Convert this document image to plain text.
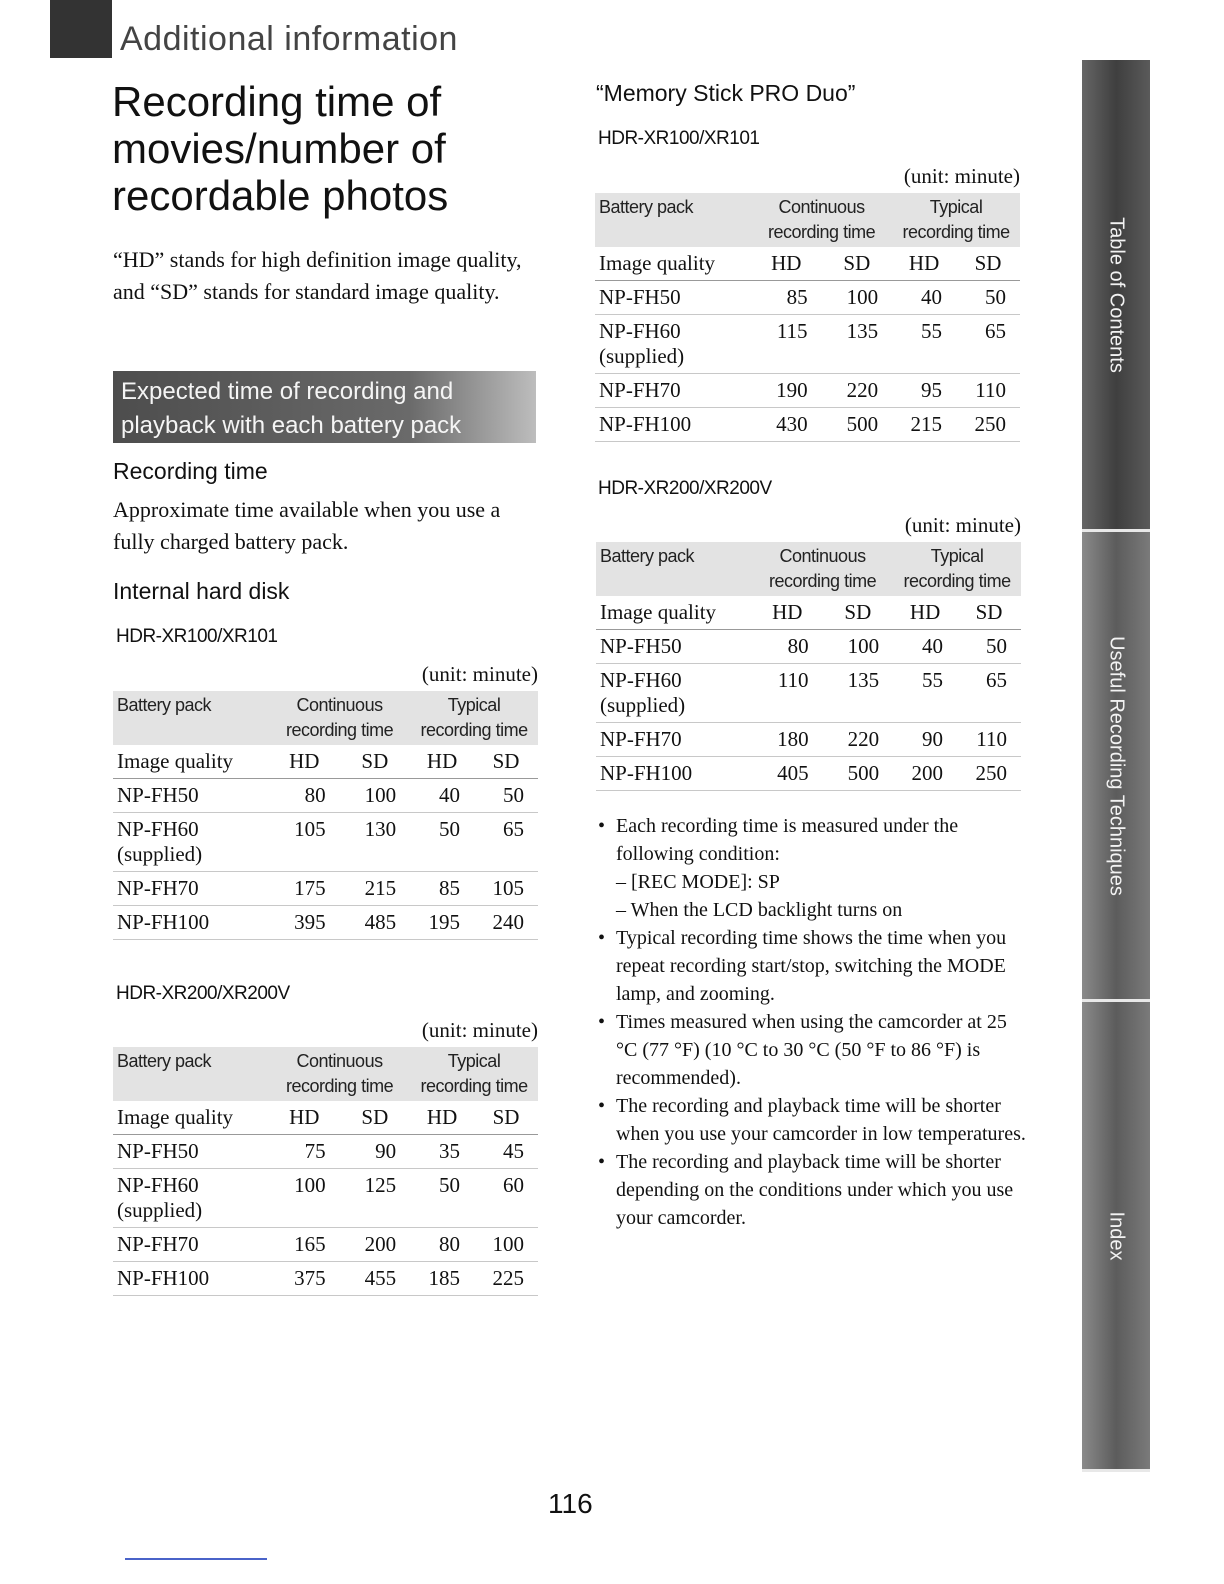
Additional information
Recording time of movies/number of recordable photos

“HD” stands for high definition image quality, and “SD” stands for standard image quality.

Expected time of recording and playback with each battery pack
Recording time

Approximate time available when you use a fully charged battery pack.

Internal hard disk
HDR-XR100/XR101
(unit: minute)
Battery pack	Continuous recording time		Typical recording time	
Image quality	HD	SD	HD	SD
NP-FH50	80	100	40	50
NP-FH60 (supplied)	105	130	50	65
NP-FH70	175	215	85	105
NP-FH100	395	485	195	240
HDR-XR200/XR200V
(unit: minute)
Battery pack	Continuous recording time		Typical recording time	
Image quality	HD	SD	HD	SD
NP-FH50	75	90	35	45
NP-FH60 (supplied)	100	125	50	60
NP-FH70	165	200	80	100
NP-FH100	375	455	185	225
“Memory Stick PRO Duo”
HDR-XR100/XR101
(unit: minute)
Battery pack	Continuous recording time		Typical recording time	
Image quality	HD	SD	HD	SD
NP-FH50	85	100	40	50
NP-FH60 (supplied)	115	135	55	65
NP-FH70	190	220	95	110
NP-FH100	430	500	215	250
HDR-XR200/XR200V
(unit: minute)
Battery pack	Continuous recording time		Typical recording time	
Image quality	HD	SD	HD	SD
NP-FH50	80	100	40	50
NP-FH60 (supplied)	110	135	55	65
NP-FH70	180	220	90	110
NP-FH100	405	500	200	250
• Each recording time is measured under the following condition:
– [REC MODE]: SP
– When the LCD backlight turns on
• Typical recording time shows the time when you repeat recording start/stop, switching the MODE lamp, and zooming.
• Times measured when using the camcorder at 25 °C (77 °F) (10 °C to 30 °C (50 °F to 86 °F) is recommended).
• The recording and playback time will be shorter when you use your camcorder in low temperatures.
• The recording and playback time will be shorter depending on the conditions under which you use your camcorder.
Table of Contents
Useful Recording Techniques
Index
116
